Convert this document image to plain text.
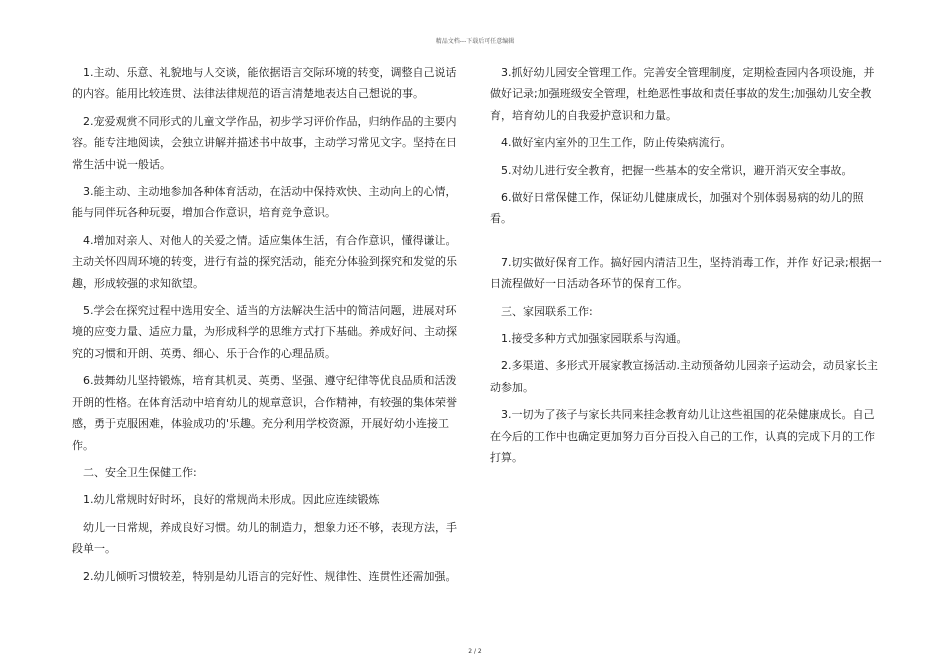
精品文档---下载后可任意编辑

1.主动、乐意、礼貌地与人交谈，能依据语言交际环境的转变，调整自己说话的内容。能用比较连贯、法律法律规范的语言清楚地表达自己想说的事。

2.宠爱观赏不同形式的儿童文学作品，初步学习评价作品，归纳作品的主要内容。能专注地阅读，会独立讲解并描述书中故事，主动学习常见文字。坚持在日常生活中说一般话。

3.能主动、主动地参加各种体育活动，在活动中保持欢快、主动向上的心情，能与同伴玩各种玩耍，增加合作意识，培育竞争意识。

4.增加对亲人、对他人的关爱之情。适应集体生活，有合作意识，懂得谦让。主动关怀四周环境的转变，进行有益的探究活动，能充分体验到探究和发觉的乐趣，形成较强的求知欲望。

5.学会在探究过程中选用安全、适当的方法解决生活中的简洁问题，进展对环境的应变力量、适应力量，为形成科学的思维方式打下基础。养成好问、主动探究的习惯和开朗、英勇、细心、乐于合作的心理品质。

6.鼓舞幼儿坚持锻炼，培育其机灵、英勇、坚强、遵守纪律等优良品质和活泼开朗的性格。在体育活动中培育幼儿的规章意识，合作精神，有较强的集体荣誉感，勇于克服困难，体验成功的'乐趣。充分利用学校资源，开展好幼小连接工作。

二、安全卫生保健工作:

1.幼儿常规时好时坏，良好的常规尚未形成。因此应连续锻炼

幼儿一日常规，养成良好习惯。幼儿的制造力，想象力还不够，表现方法，手段单一。

2.幼儿倾听习惯较差，特别是幼儿语言的完好性、规律性、连贯性还需加强。

3.抓好幼儿园安全管理工作。完善安全管理制度，定期检查园内各项设施，并做好记录;加强班级安全管理，杜绝恶性事故和责任事故的发生;加强幼儿安全教育，培育幼儿的自我爱护意识和力量。

4.做好室内室外的卫生工作，防止传染病流行。

5.对幼儿进行安全教育，把握一些基本的安全常识，避开消灭安全事故。

6.做好日常保健工作，保证幼儿健康成长，加强对个别体弱易病的幼儿的照看。

7.切实做好保育工作。搞好园内清洁卫生，坚持消毒工作，并作 好记录;根据一日流程做好一日活动各环节的保育工作。

三、家园联系工作:

1.接受多种方式加强家园联系与沟通。

2.多渠道、多形式开展家教宣扬活动.主动预备幼儿园亲子运动会，动员家长主动参加。

3.一切为了孩子与家长共同来挂念教育幼儿让这些祖国的花朵健康成长。自己在今后的工作中也确定更加努力百分百投入自己的工作，认真的完成下月的工作打算。

2 / 2
